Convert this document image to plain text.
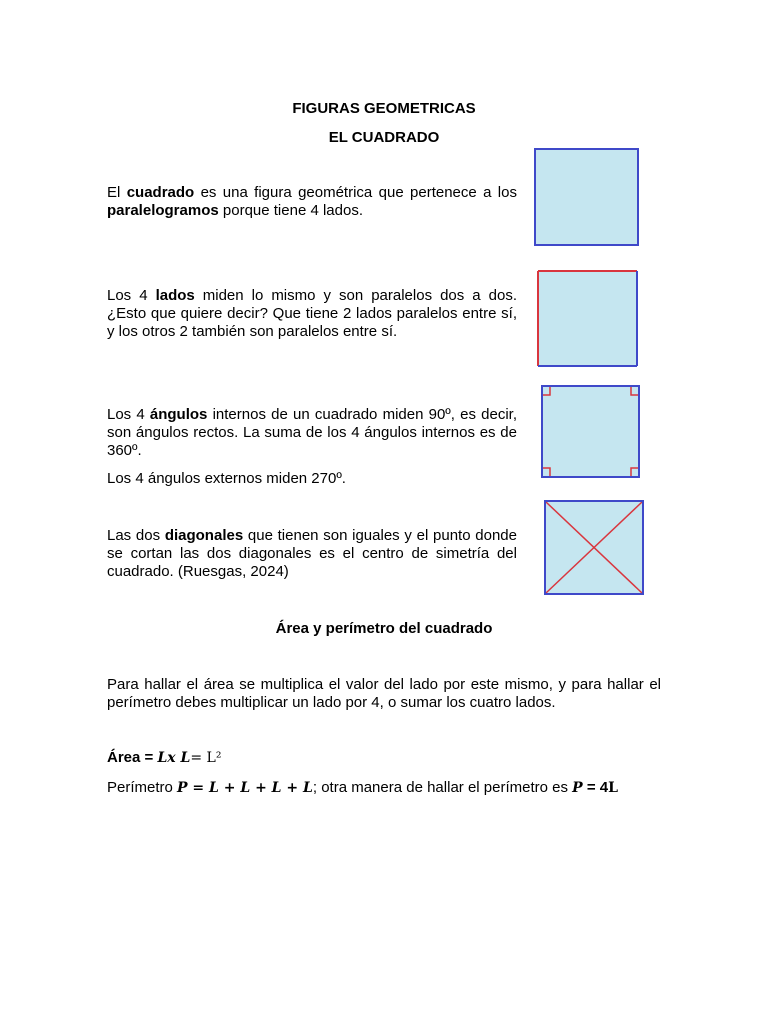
FIGURAS GEOMETRICAS
EL CUADRADO

El cuadrado es una figura geométrica que pertenece a los paralelogramos porque tiene 4 lados.

Los 4 lados miden lo mismo y son paralelos dos a dos. ¿Esto que quiere decir? Que tiene 2 lados paralelos entre sí, y los otros 2 también son paralelos entre sí.

Los 4 ángulos internos de un cuadrado miden 90º, es decir, son ángulos rectos. La suma de los 4 ángulos internos es de 360º.

Los 4 ángulos externos miden 270º.

Las dos diagonales que tienen son iguales y el punto donde se cortan las dos diagonales es el centro de simetría del cuadrado. (Ruesgas, 2024)

Área y perímetro del cuadrado

Para hallar el área se multiplica el valor del lado por este mismo, y para hallar el perímetro debes multiplicar un lado por 4, o sumar los cuatro lados.

Área = Lx L= L²
Perímetro P = L + L + L + L; otra manera de hallar el perímetro es P = 4L
